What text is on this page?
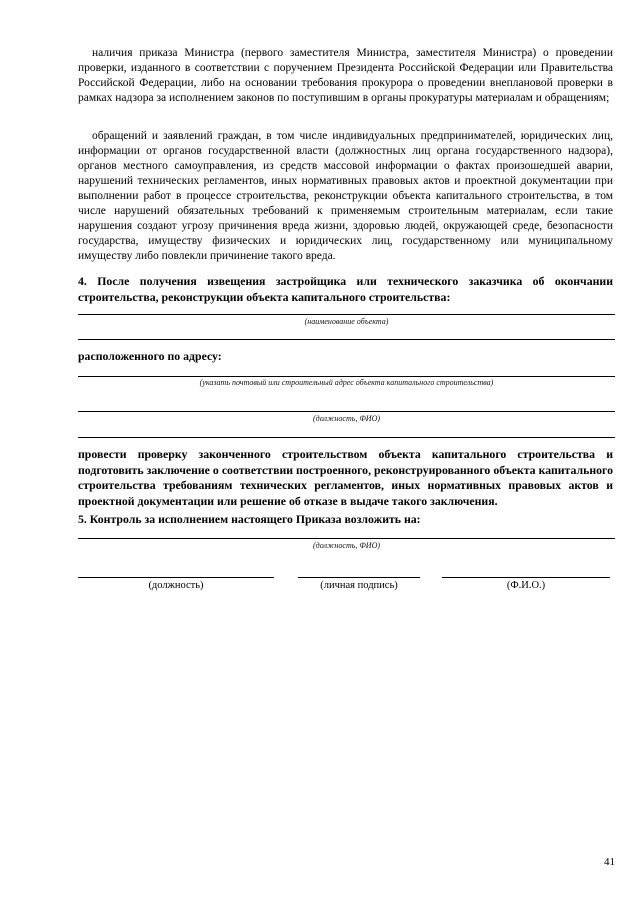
наличия приказа Министра (первого заместителя Министра, заместителя Министра) о проведении проверки, изданного в соответствии с поручением Президента Российской Федерации или Правительства Российской Федерации, либо на основании требования прокурора о проведении внеплановой проверки в рамках надзора за исполнением законов по поступившим в органы прокуратуры материалам и обращениям;

обращений и заявлений граждан, в том числе индивидуальных предпринимателей, юридических лиц, информации от органов государственной власти (должностных лиц органа государственного надзора), органов местного самоуправления, из средств массовой информации о фактах произошедшей аварии, нарушений технических регламентов, иных нормативных правовых актов и проектной документации при выполнении работ в процессе строительства, реконструкции объекта капитального строительства, в том числе нарушений обязательных требований к применяемым строительным материалам, если такие нарушения создают угрозу причинения вреда жизни, здоровью людей, окружающей среде, безопасности государства, имуществу физических и юридических лиц, государственному или муниципальному имуществу либо повлекли причинение такого вреда.

4. После получения извещения застройщика или технического заказчика об окончании строительства, реконструкции объекта капитального строительства:

(наименование объекта)

расположенного по адресу:

(указать почтовый или строительный адрес объекта капитального строительства)
(должность, ФИО)

провести проверку законченного строительством объекта капитального строительства и подготовить заключение о соответствии построенного, реконструированного объекта капитального строительства требованиям технических регламентов, иных нормативных правовых актов и проектной документации или решение об отказе в выдаче такого заключения.

5. Контроль за исполнением настоящего Приказа возложить на:

(должность, ФИО)
(должность)	(личная подпись)	(Ф.И.О.)
41
